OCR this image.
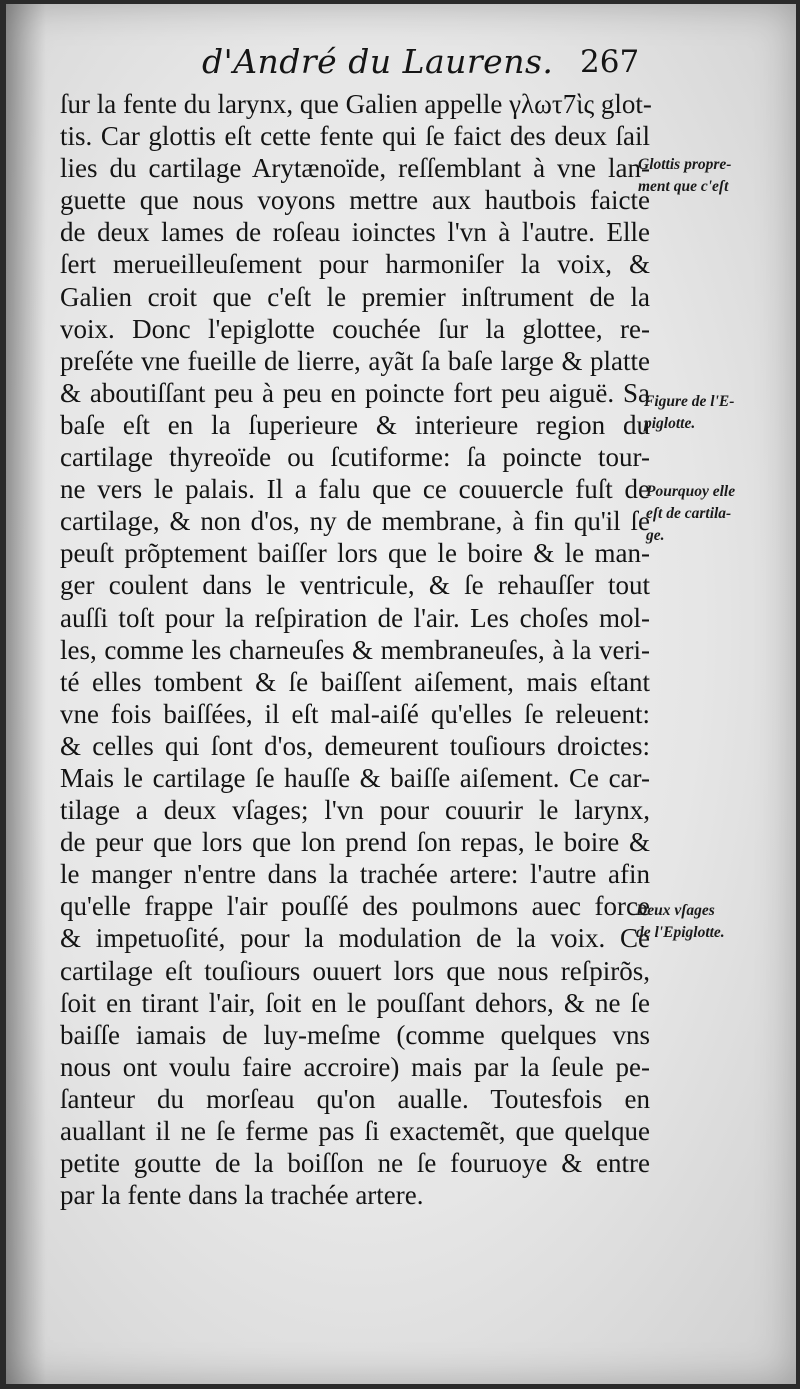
d'André du Laurens. 267
ſur la fente du larynx, que Galien appelle γλωτ7ὶς glot-
tis. Car glottis eſt cette fente qui ſe faict des deux ſail
lies du cartilage Arytænoïde, reſſemblant à vne lan-
guette que nous voyons mettre aux hautbois faicte
de deux lames de roſeau ioinctes l'vn à l'autre. Elle
ſert merueilleuſement pour harmoniſer la voix, &
Galien croit que c'eſt le premier inſtrument de la
voix. Donc l'epiglotte couchée ſur la glottee, re-
preſéte vne fueille de lierre, ayãt ſa baſe large & platte
& aboutiſſant peu à peu en poincte fort peu aiguë. Sa
baſe eſt en la ſuperieure & interieure region du
cartilage thyreoïde ou ſcutiforme: ſa poincte tour-
ne vers le palais. Il a falu que ce couuercle fuſt de
cartilage, & non d'os, ny de membrane, à fin qu'il ſe
peuſt prõptement baiſſer lors que le boire & le man-
ger coulent dans le ventricule, & ſe rehauſſer tout
auſſi toſt pour la reſpiration de l'air. Les choſes mol-
les, comme les charneuſes & membraneuſes, à la veri-
té elles tombent & ſe baiſſent aiſement, mais eſtant
vne fois baiſſées, il eſt mal-aiſé qu'elles ſe releuent:
& celles qui ſont d'os, demeurent touſiours droictes:
Mais le cartilage ſe hauſſe & baiſſe aiſement. Ce car-
tilage a deux vſages; l'vn pour couurir le larynx,
de peur que lors que lon prend ſon repas, le boire &
le manger n'entre dans la trachée artere: l'autre afin
qu'elle frappe l'air pouſſé des poulmons auec force
& impetuoſité, pour la modulation de la voix. Ce
cartilage eſt touſiours ouuert lors que nous reſpirõs,
ſoit en tirant l'air, ſoit en le pouſſant dehors, & ne ſe
baiſſe iamais de luy-meſme (comme quelques vns
nous ont voulu faire accroire) mais par la ſeule pe-
ſanteur du morſeau qu'on aualle. Toutesfois en
auallant il ne ſe ferme pas ſi exactemẽt, que quelque
petite goutte de la boiſſon ne ſe fouruoye & entre
par la fente dans la trachée artere.
Glottis propre-
ment que c'eſt
Figure de l'E-
piglotte.
Pourquoy elle
eſt de cartila-
ge.
Deux vſages
de l'Epiglotte.
